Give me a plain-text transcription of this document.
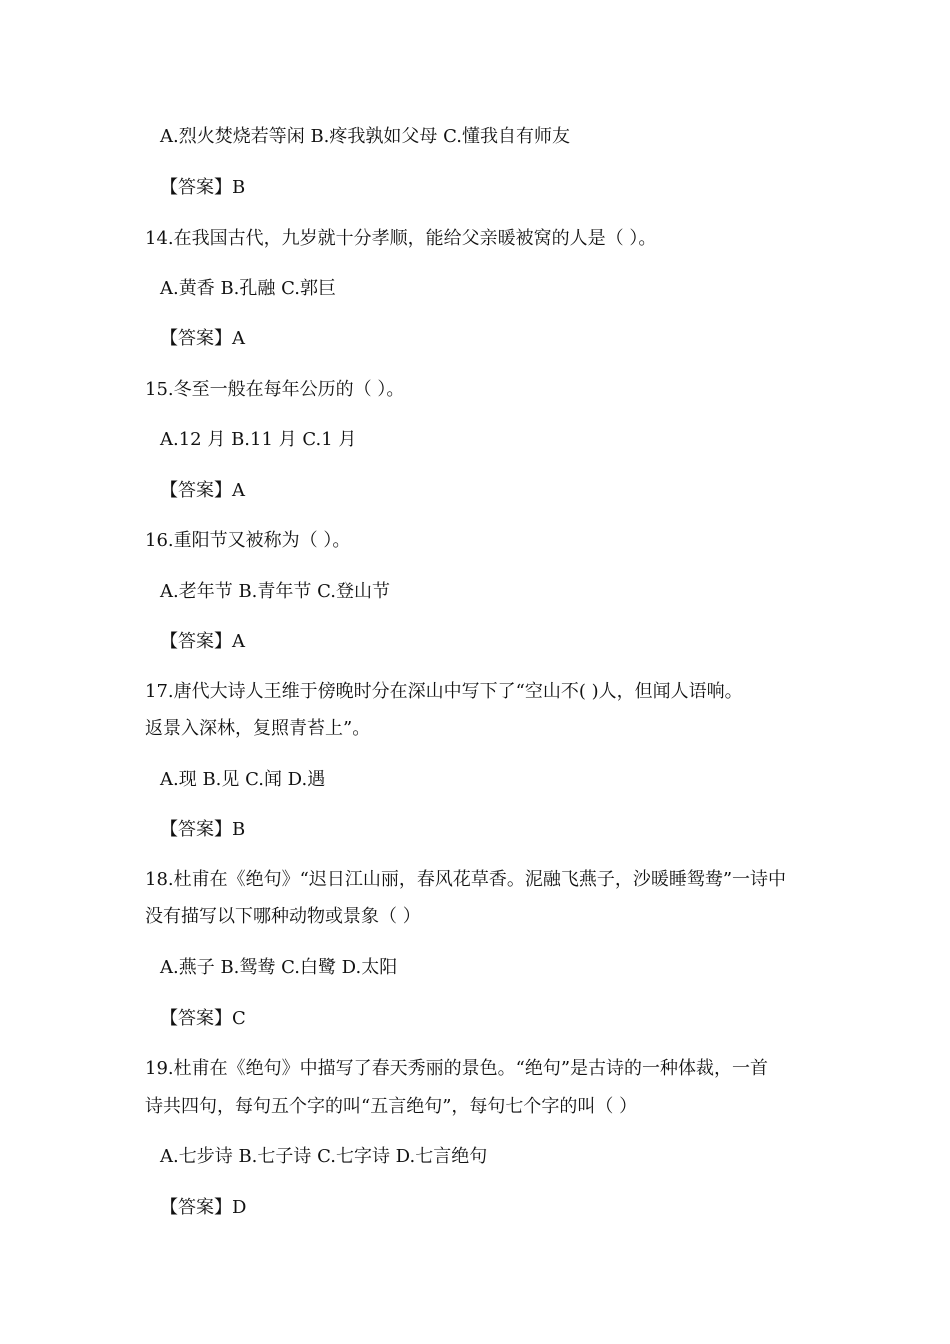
A.烈火焚烧若等闲 B.疼我孰如父母 C.懂我自有师友
【答案】B
14.在我国古代，九岁就十分孝顺，能给父亲暖被窝的人是（ ）。
A.黄香 B.孔融 C.郭巨
【答案】A
15.冬至一般在每年公历的（ ）。
A.12 月 B.11 月 C.1 月
【答案】A
16.重阳节又被称为（ ）。
A.老年节 B.青年节 C.登山节
【答案】A
17.唐代大诗人王维于傍晚时分在深山中写下了“空山不( )人，但闻人语响。
返景入深林，复照青苔上”。
A.现 B.见 C.闻 D.遇
【答案】B
18.杜甫在《绝句》“迟日江山丽，春风花草香。泥融飞燕子，沙暖睡鸳鸯”一诗中
没有描写以下哪种动物或景象（ ）
A.燕子 B.鸳鸯 C.白鹭 D.太阳
【答案】C
19.杜甫在《绝句》中描写了春天秀丽的景色。“绝句”是古诗的一种体裁，一首
诗共四句，每句五个字的叫“五言绝句”，每句七个字的叫（ ）
A.七步诗 B.七子诗 C.七字诗 D.七言绝句
【答案】D
